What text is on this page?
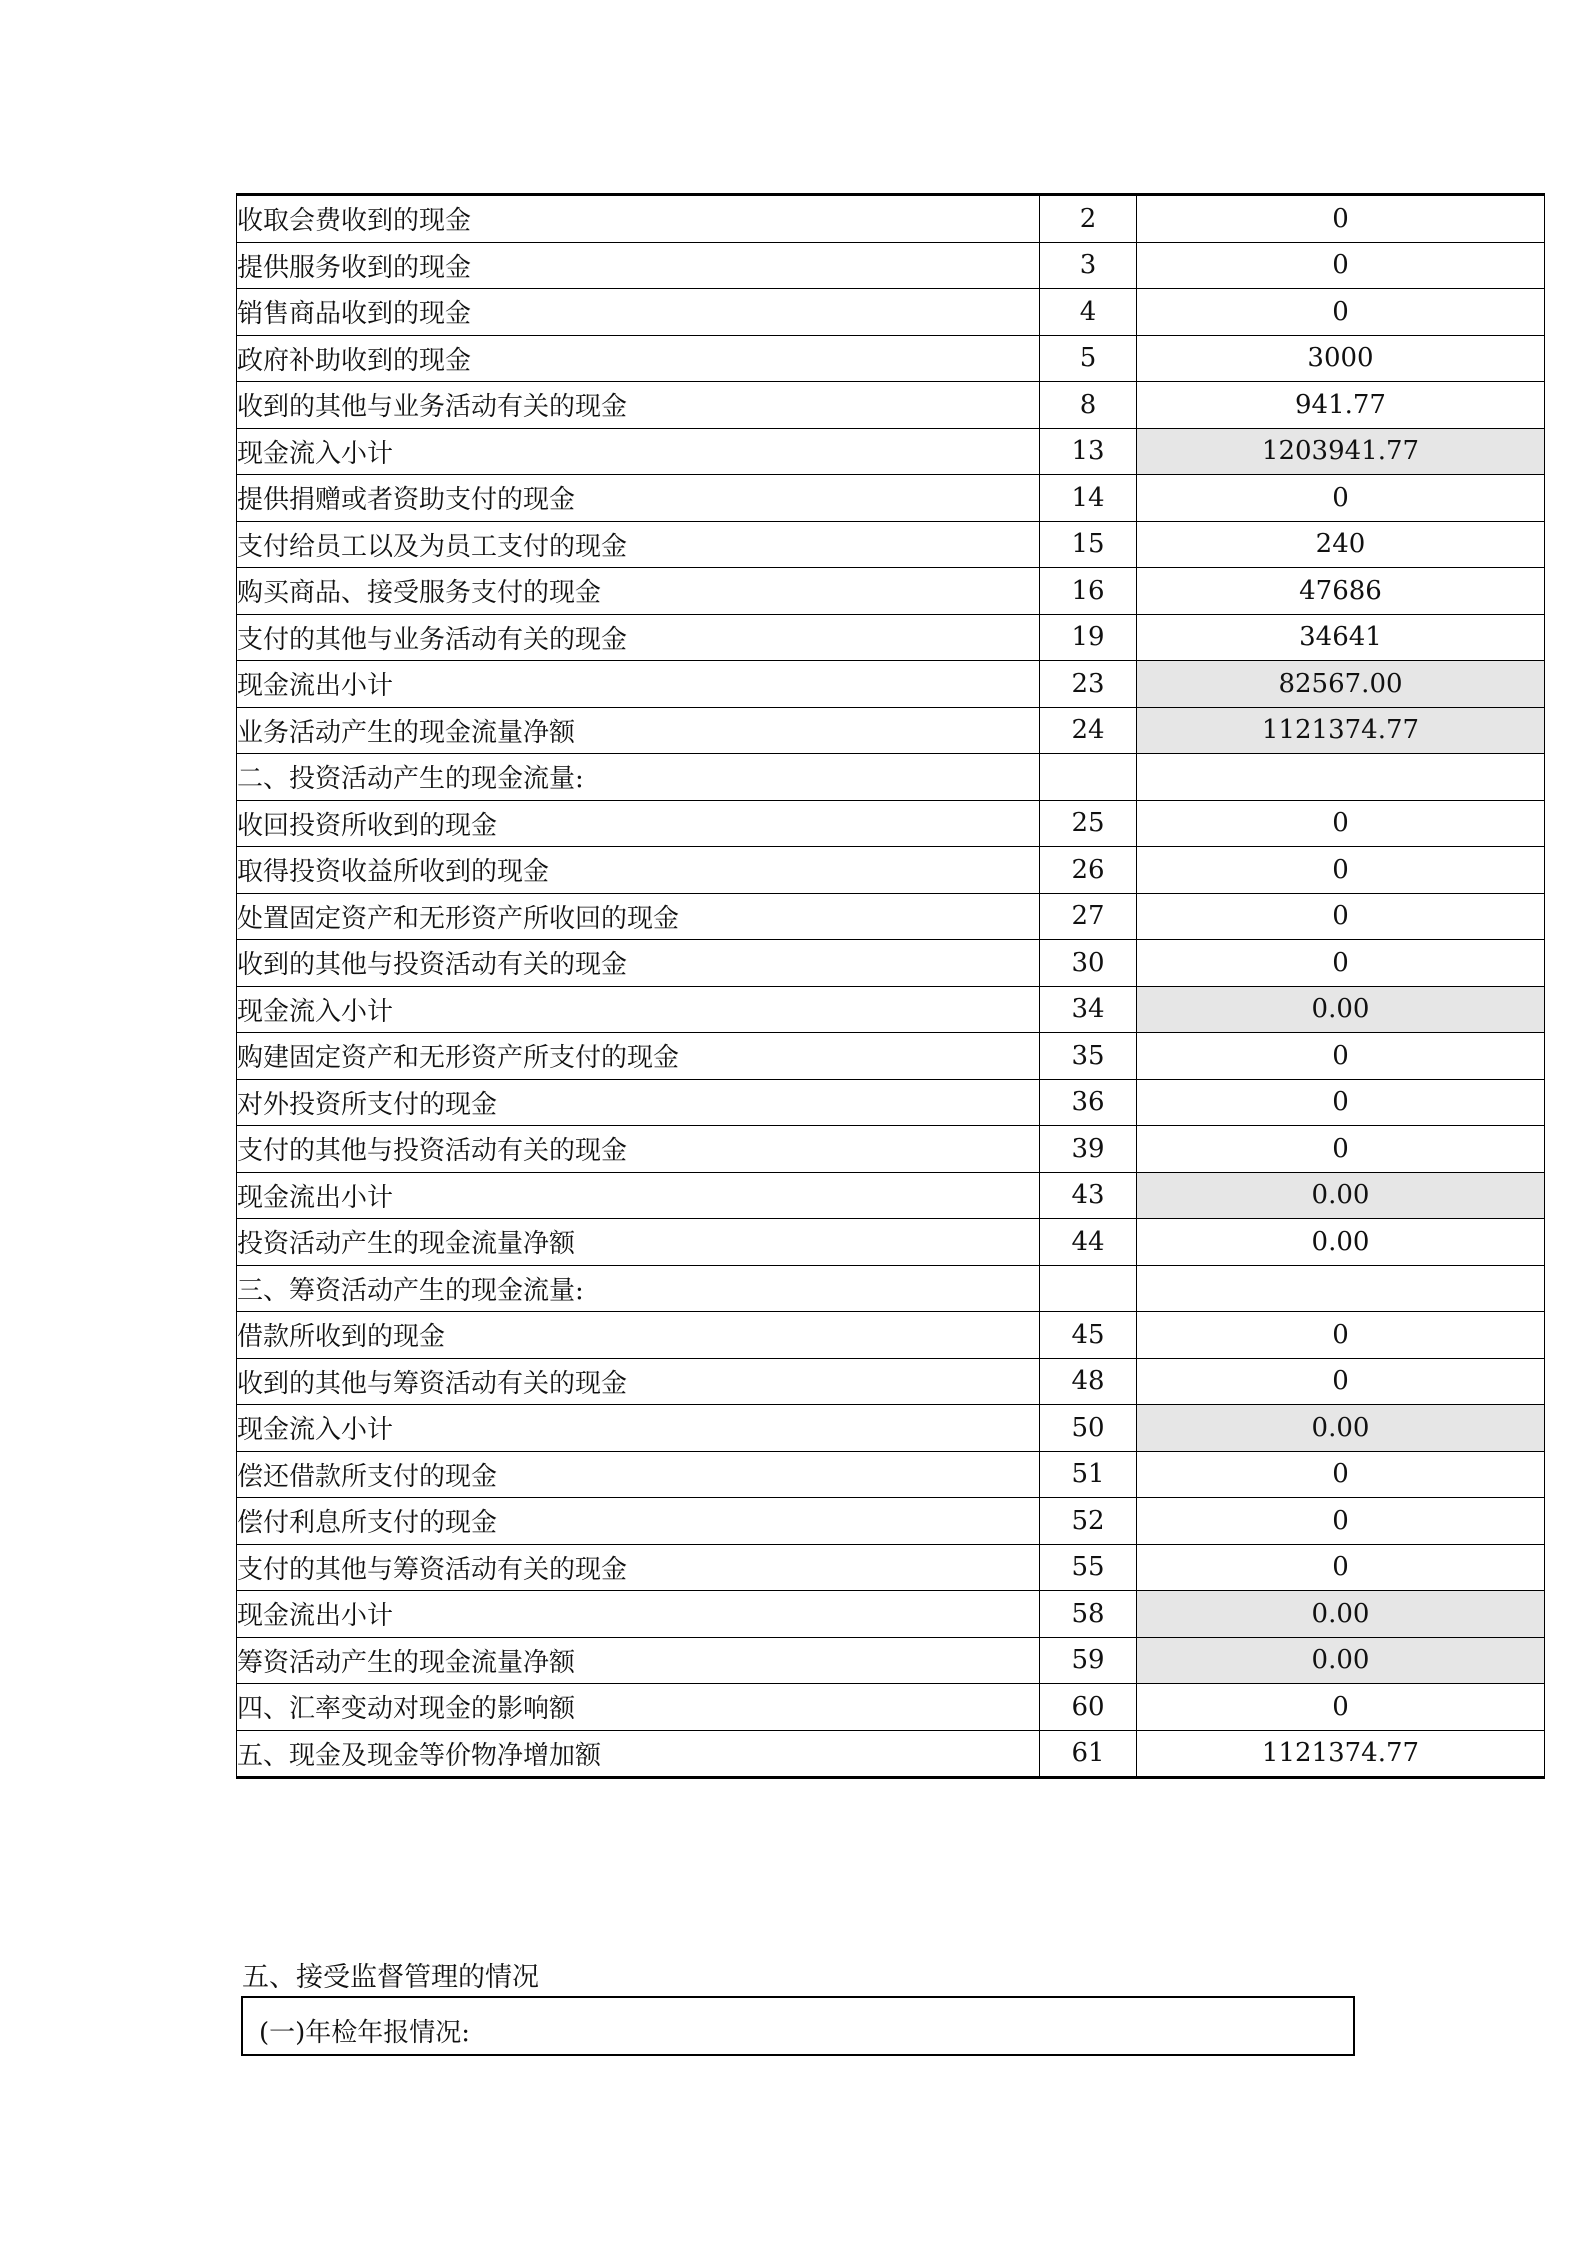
收取会费收到的现金	2	0
提供服务收到的现金	3	0
销售商品收到的现金	4	0
政府补助收到的现金	5	3000
收到的其他与业务活动有关的现金	8	941.77
现金流入小计	13	1203941.77
提供捐赠或者资助支付的现金	14	0
支付给员工以及为员工支付的现金	15	240
购买商品、接受服务支付的现金	16	47686
支付的其他与业务活动有关的现金	19	34641
现金流出小计	23	82567.00
业务活动产生的现金流量净额	24	1121374.77
二、投资活动产生的现金流量:		
收回投资所收到的现金	25	0
取得投资收益所收到的现金	26	0
处置固定资产和无形资产所收回的现金	27	0
收到的其他与投资活动有关的现金	30	0
现金流入小计	34	0.00
购建固定资产和无形资产所支付的现金	35	0
对外投资所支付的现金	36	0
支付的其他与投资活动有关的现金	39	0
现金流出小计	43	0.00
投资活动产生的现金流量净额	44	0.00
三、筹资活动产生的现金流量:		
借款所收到的现金	45	0
收到的其他与筹资活动有关的现金	48	0
现金流入小计	50	0.00
偿还借款所支付的现金	51	0
偿付利息所支付的现金	52	0
支付的其他与筹资活动有关的现金	55	0
现金流出小计	58	0.00
筹资活动产生的现金流量净额	59	0.00
四、汇率变动对现金的影响额	60	0
五、现金及现金等价物净增加额	61	1121374.77
五、接受监督管理的情况
(一)年检年报情况:
